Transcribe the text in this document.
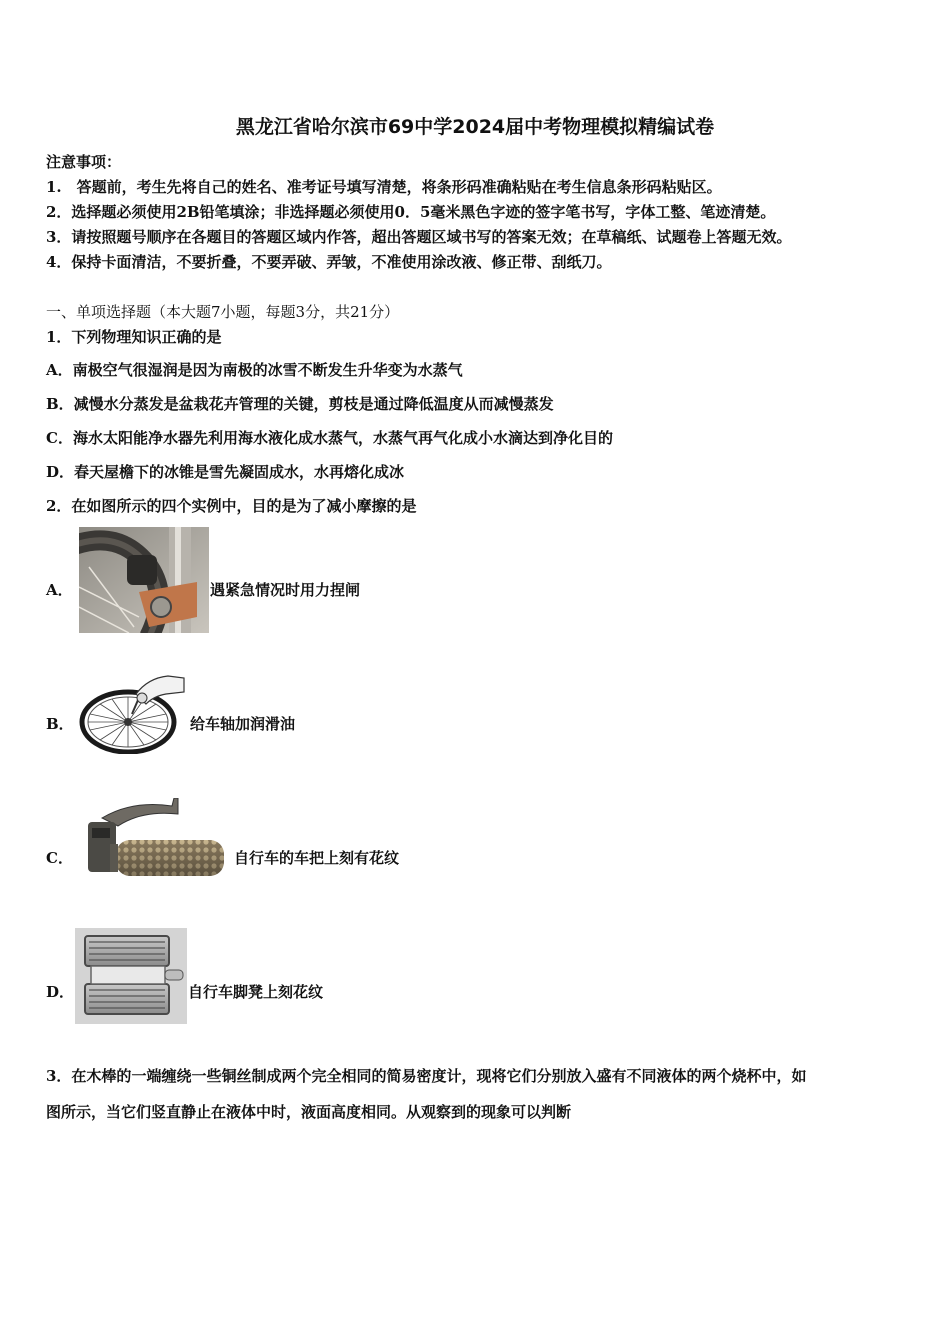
黑龙江省哈尔滨市69中学2024届中考物理模拟精编试卷
注意事项：
1.　答题前，考生先将自己的姓名、准考证号填写清楚，将条形码准确粘贴在考生信息条形码粘贴区。
2．选择题必须使用2B铅笔填涂；非选择题必须使用0．5毫米黑色字迹的签字笔书写，字体工整、笔迹清楚。
3．请按照题号顺序在各题目的答题区域内作答，超出答题区域书写的答案无效；在草稿纸、试题卷上答题无效。
4．保持卡面清洁，不要折叠，不要弄破、弄皱，不准使用涂改液、修正带、刮纸刀。
一、单项选择题（本大题7小题，每题3分，共21分）
1．下列物理知识正确的是
A．南极空气很湿润是因为南极的冰雪不断发生升华变为水蒸气
B．减慢水分蒸发是盆栽花卉管理的关键，剪枝是通过降低温度从而减慢蒸发
C．海水太阳能净水器先利用海水液化成水蒸气，水蒸气再气化成小水滴达到净化目的
D．春天屋檐下的冰锥是雪先凝固成水，水再熔化成冰
2．在如图所示的四个实例中，目的是为了减小摩擦的是
A．	遇紧急情况时用力捏闸
B．	给车轴加润滑油
C．	自行车的车把上刻有花纹
D．	自行车脚凳上刻花纹
3．在木棒的一端缠绕一些铜丝制成两个完全相同的简易密度计，现将它们分别放入盛有不同液体的两个烧杯中，如
图所示，当它们竖直静止在液体中时，液面高度相同。从观察到的现象可以判断
